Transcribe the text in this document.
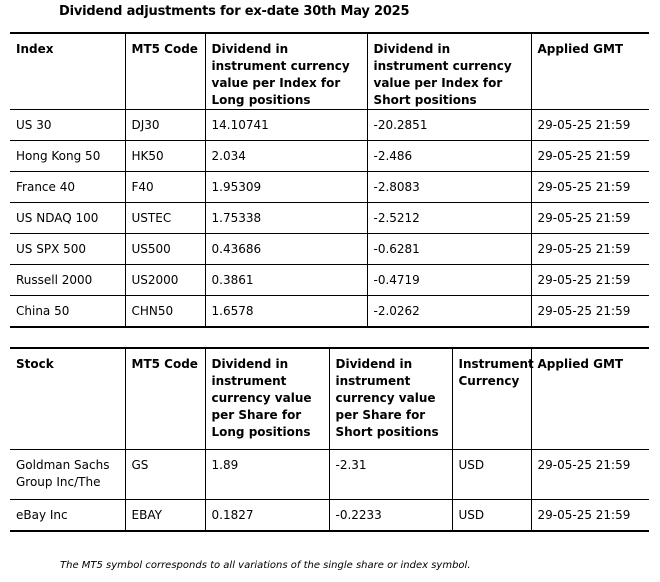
Dividend adjustments for ex-date 30th May 2025
Index	MT5 Code	Dividend in instrument currency value per Index for Long positions	Dividend in instrument currency value per Index for Short positions	Applied GMT
US 30	DJ30	14.10741	-20.2851	29-05-25 21:59
Hong Kong 50	HK50	2.034	-2.486	29-05-25 21:59
France 40	F40	1.95309	-2.8083	29-05-25 21:59
US NDAQ 100	USTEC	1.75338	-2.5212	29-05-25 21:59
US SPX 500	US500	0.43686	-0.6281	29-05-25 21:59
Russell 2000	US2000	0.3861	-0.4719	29-05-25 21:59
China 50	CHN50	1.6578	-2.0262	29-05-25 21:59
Stock	MT5 Code	Dividend in instrument currency value per Share for Long positions	Dividend in instrument currency value per Share for Short positions	Instrument Currency	Applied GMT
Goldman Sachs Group Inc/The	GS	1.89	-2.31	USD	29-05-25 21:59
eBay Inc	EBAY	0.1827	-0.2233	USD	29-05-25 21:59
The MT5 symbol corresponds to all variations of the single share or index symbol.
